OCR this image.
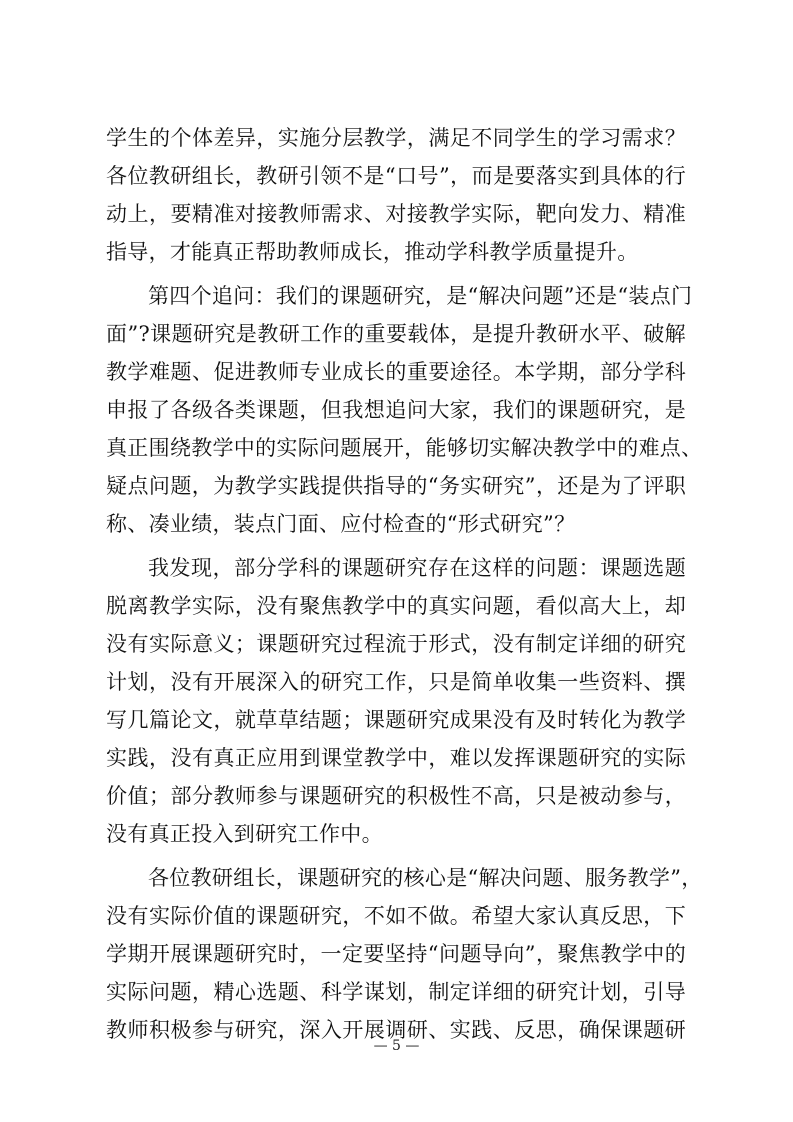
学生的个体差异，实施分层教学，满足不同学生的学习需求？
各位教研组长，教研引领不是“口号”，而是要落实到具体的行
动上，要精准对接教师需求、对接教学实际，靶向发力、精准
指导，才能真正帮助教师成长，推动学科教学质量提升。
第四个追问：我们的课题研究，是“解决问题”还是“装点门
面”?课题研究是教研工作的重要载体，是提升教研水平、破解
教学难题、促进教师专业成长的重要途径。本学期，部分学科
申报了各级各类课题，但我想追问大家，我们的课题研究，是
真正围绕教学中的实际问题展开，能够切实解决教学中的难点、
疑点问题，为教学实践提供指导的“务实研究”，还是为了评职
称、凑业绩，装点门面、应付检查的“形式研究”？
我发现，部分学科的课题研究存在这样的问题：课题选题
脱离教学实际，没有聚焦教学中的真实问题，看似高大上，却
没有实际意义；课题研究过程流于形式，没有制定详细的研究
计划，没有开展深入的研究工作，只是简单收集一些资料、撰
写几篇论文，就草草结题；课题研究成果没有及时转化为教学
实践，没有真正应用到课堂教学中，难以发挥课题研究的实际
价值；部分教师参与课题研究的积极性不高，只是被动参与，
没有真正投入到研究工作中。
各位教研组长，课题研究的核心是“解决问题、服务教学”，
没有实际价值的课题研究，不如不做。希望大家认真反思，下
学期开展课题研究时，一定要坚持“问题导向”，聚焦教学中的
实际问题，精心选题、科学谋划，制定详细的研究计划，引导
教师积极参与研究，深入开展调研、实践、反思，确保课题研
— 5 —
